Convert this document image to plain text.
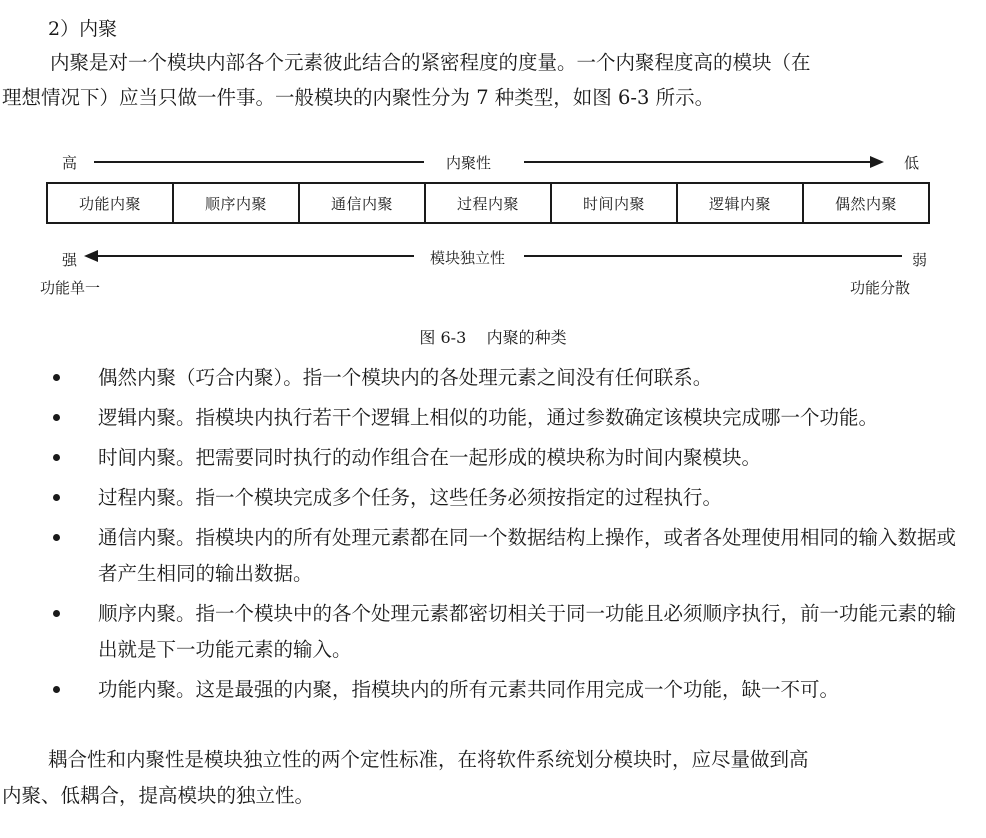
2）内聚
内聚是对一个模块内部各个元素彼此结合的紧密程度的度量。一个内聚程度高的模块（在
理想情况下）应当只做一件事。一般模块的内聚性分为 7 种类型，如图 6-3 所示。
高	内聚性	低
功能内聚	顺序内聚	通信内聚	过程内聚	时间内聚	逻辑内聚	偶然内聚
强	模块独立性	弱
功能单一	功能分散
图 6-3    内聚的种类
偶然内聚（巧合内聚）。指一个模块内的各处理元素之间没有任何联系。
逻辑内聚。指模块内执行若干个逻辑上相似的功能，通过参数确定该模块完成哪一个功能。
时间内聚。把需要同时执行的动作组合在一起形成的模块称为时间内聚模块。
过程内聚。指一个模块完成多个任务，这些任务必须按指定的过程执行。
通信内聚。指模块内的所有处理元素都在同一个数据结构上操作，或者各处理使用相同的输入数据或者产生相同的输出数据。
顺序内聚。指一个模块中的各个处理元素都密切相关于同一功能且必须顺序执行，前一功能元素的输出就是下一功能元素的输入。
功能内聚。这是最强的内聚，指模块内的所有元素共同作用完成一个功能，缺一不可。
耦合性和内聚性是模块独立性的两个定性标准，在将软件系统划分模块时，应尽量做到高
内聚、低耦合，提高模块的独立性。
